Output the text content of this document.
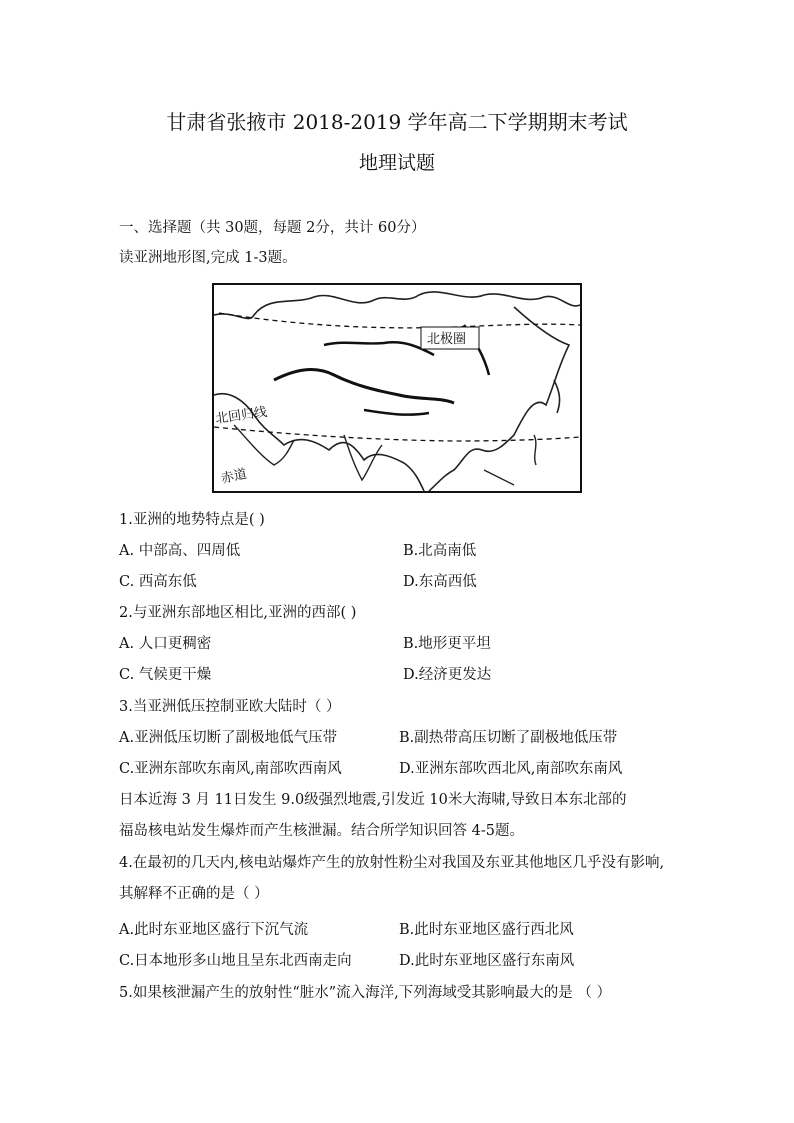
甘肃省张掖市 2018-2019 学年高二下学期期末考试
地理试题
一、选择题（共 30题，每题 2分，共计 60分）
读亚洲地形图,完成 1-3题。
北极圈
北回归线
赤道
1.亚洲的地势特点是( )
A. 中部高、四周低	B.北高南低
C. 西高东低	D.东高西低
2.与亚洲东部地区相比,亚洲的西部( )
A. 人口更稠密	B.地形更平坦
C. 气候更干燥	D.经济更发达
3.当亚洲低压控制亚欧大陆时（ ）
A.亚洲低压切断了副极地低气压带	B.副热带高压切断了副极地低压带
C.亚洲东部吹东南风,南部吹西南风	D.亚洲东部吹西北风,南部吹东南风
日本近海 3 月 11日发生 9.0级强烈地震,引发近 10米大海啸,导致日本东北部的
福岛核电站发生爆炸而产生核泄漏。结合所学知识回答 4-5题。
4.在最初的几天内,核电站爆炸产生的放射性粉尘对我国及东亚其他地区几乎没有影响,
其解释不正确的是（ ）
A.此时东亚地区盛行下沉气流	B.此时东亚地区盛行西北风
C.日本地形多山地且呈东北西南走向	D.此时东亚地区盛行东南风
5.如果核泄漏产生的放射性“脏水”流入海洋,下列海域受其影响最大的是 （ ）
